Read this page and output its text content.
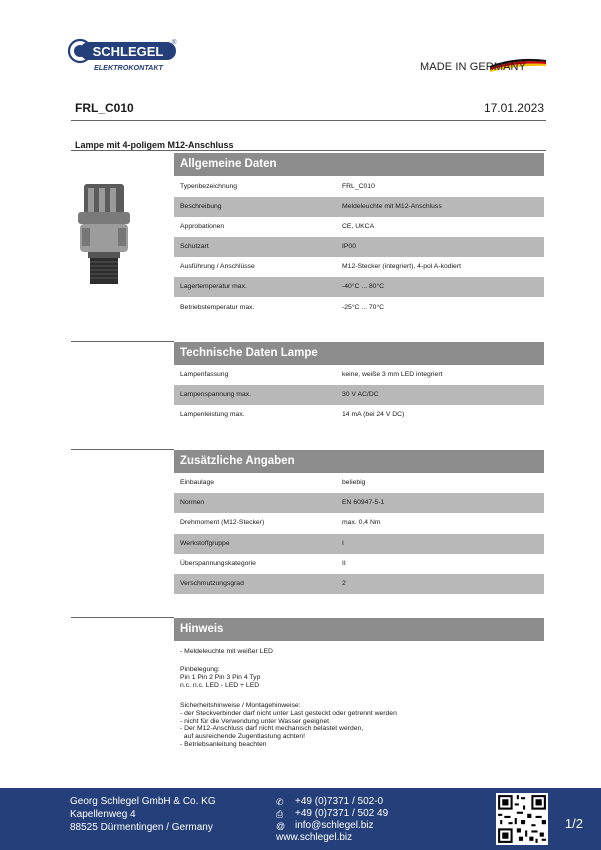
SCHLEGEL
ELEKTROKONTAKT
®
MADE IN GERMANY
FRL_C010	17.01.2023
Lampe mit 4-poligem M12-Anschluss
Allgemeine Daten
Typenbezeichnung	FRL_C010
Beschreibung	Meldeleuchte mit M12-Anschluss
Approbationen	CE, UKCA
Schutzart	IP00
Ausführung / Anschlüsse	M12-Stecker (integriert), 4-pol A-kodiert
Lagertemperatur max.	-40°C ... 80°C
Betriebstemperatur max.	-25°C ... 70°C
Technische Daten Lampe
Lampenfassung	keine, weiße 3 mm LED integriert
Lampenspannung max.	30 V AC/DC
Lampenleistung max.	14 mA (bei 24 V DC)
Zusätzliche Angaben
Einbaulage	beliebig
Normen	EN 60947-5-1
Drehmoment (M12-Stecker)	max. 0,4 Nm
Werkstoffgruppe	I
Überspannungskategorie	II
Verschmutzungsgrad	2
Hinweis
- Meldeleuchte mit weißer LED
Pinbelegung:
Pin 1 Pin 2 Pin 3 Pin 4 Typ
n.c. n.c. LED - LED + LED
Sicherheitshinweise / Montagehinweise:
- der Steckverbinder darf nicht unter Last gesteckt oder getrennt werden
- nicht für die Verwendung unter Wasser geeignet
- Der M12-Anschluss darf nicht mechanisch belastet werden,
auf ausreichende Zugentlastung achten!
- Betriebsanleitung beachten
Georg Schlegel GmbH & Co. KG
Kapellenweg 4
88525 Dürmentingen / Germany
✆ +49 (0)7371 / 502-0
⎙ +49 (0)7371 / 502 49
@ info@schlegel.biz
www.schlegel.biz
1/2
